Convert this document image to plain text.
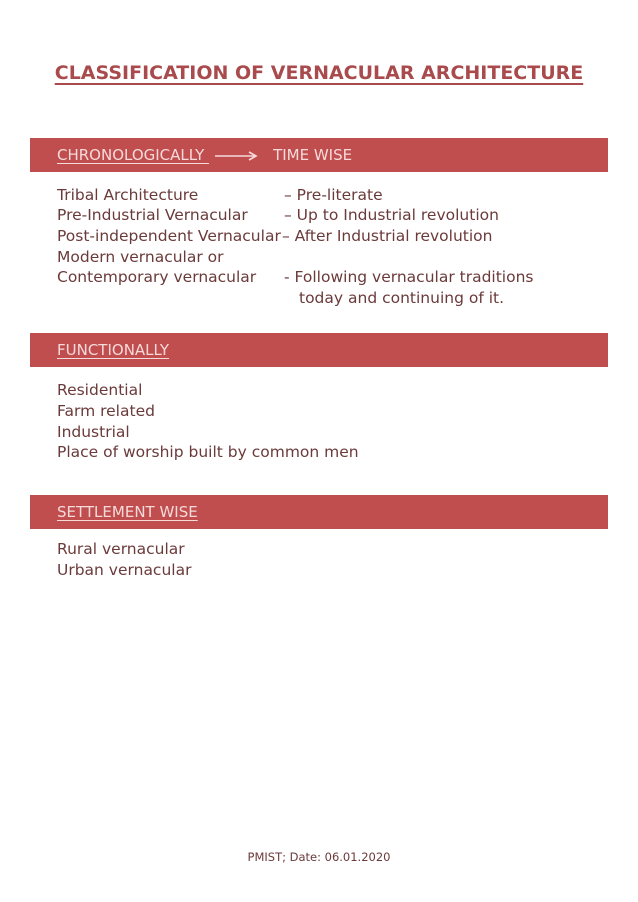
CLASSIFICATION OF VERNACULAR ARCHITECTURE
CHRONOLOGICALLY	TIME WISE
Tribal Architecture	– Pre-literate
Pre-Industrial Vernacular – Up to Industrial revolution
Post-independent Vernacular – After Industrial revolution
Modern vernacular or
Contemporary vernacular - Following vernacular traditions
today and continuing of it.
FUNCTIONALLY
Residential
Farm related
Industrial
Place of worship built by common men
SETTLEMENT WISE
Rural vernacular
Urban vernacular
PMIST; Date: 06.01.2020
